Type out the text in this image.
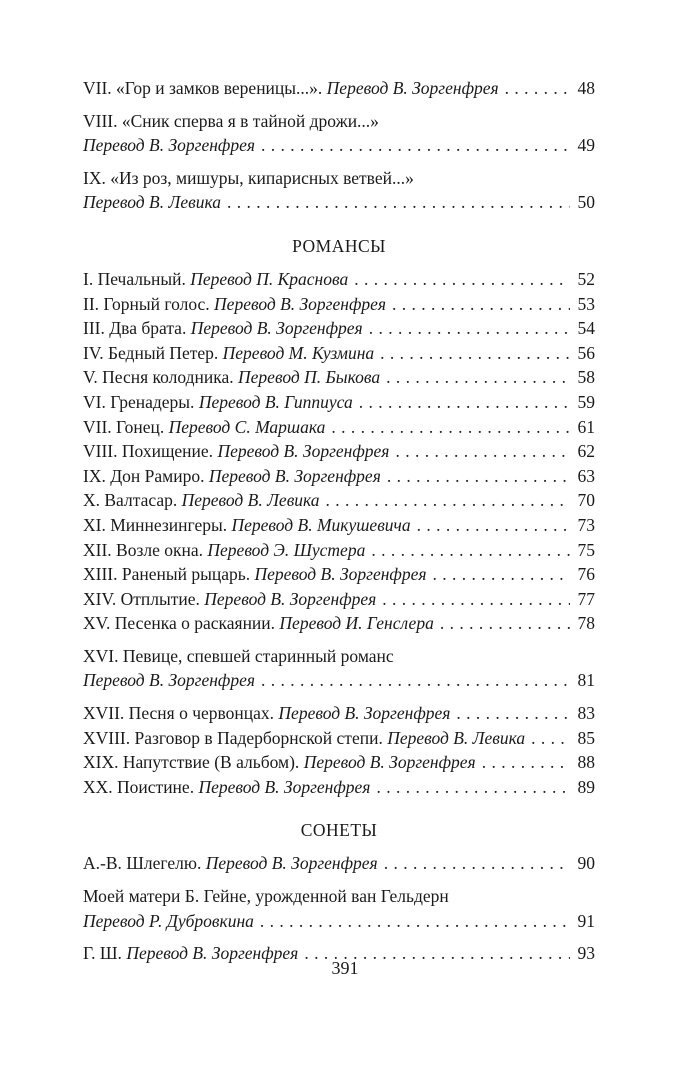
VII. «Гор и замков вереницы...». Перевод В. Зоргенфрея . . .	48
VIII. «Сник сперва я в тайной дрожи...»
Перевод В. Зоргенфрея . . .	49
IX. «Из роз, мишуры, кипарисных ветвей...»
Перевод В. Левика . . .	50
РОМАНСЫ
I. Печальный. Перевод П. Краснова . . .	52
II. Горный голос. Перевод В. Зоргенфрея . . .	53
III. Два брата. Перевод В. Зоргенфрея . . .	54
IV. Бедный Петер. Перевод М. Кузмина . . .	56
V. Песня колодника. Перевод П. Быкова . . .	58
VI. Гренадеры. Перевод В. Гиппиуса . . .	59
VII. Гонец. Перевод С. Маршака . . .	61
VIII. Похищение. Перевод В. Зоргенфрея . . .	62
IX. Дон Рамиро. Перевод В. Зоргенфрея . . .	63
X. Валтасар. Перевод В. Левика . . .	70
XI. Миннезингеры. Перевод В. Микушевича . . .	73
XII. Возле окна. Перевод Э. Шустера . . .	75
XIII. Раненый рыцарь. Перевод В. Зоргенфрея . . .	76
XIV. Отплытие. Перевод В. Зоргенфрея . . .	77
XV. Песенка о раскаянии. Перевод И. Генслера . . .	78
XVI. Певице, спевшей старинный романс
Перевод В. Зоргенфрея . . .	81
XVII. Песня о червонцах. Перевод В. Зоргенфрея . . .	83
XVIII. Разговор в Падерборнской степи. Перевод В. Левика . . .	85
XIX. Напутствие (В альбом). Перевод В. Зоргенфрея . . .	88
XX. Поистине. Перевод В. Зоргенфрея . . .	89
СОНЕТЫ
А.-В. Шлегелю. Перевод В. Зоргенфрея . . .	90
Моей матери Б. Гейне, урожденной ван Гельдерн
Перевод Р. Дубровкина . . .	91
Г. Ш. Перевод В. Зоргенфрея . . .	93
391
